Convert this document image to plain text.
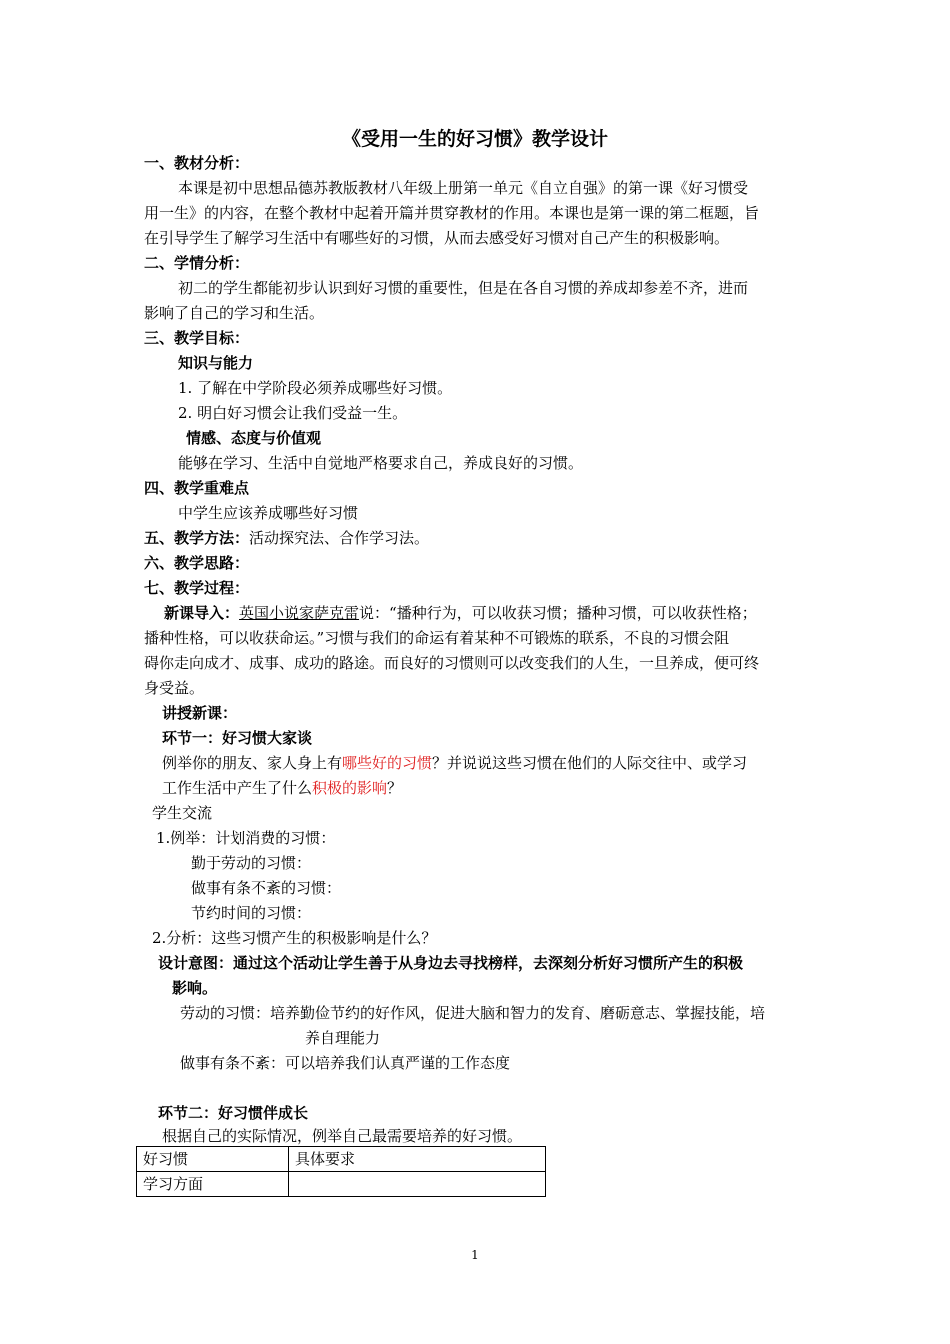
《受用一生的好习惯》教学设计
一、教材分析：
本课是初中思想品德苏教版教材八年级上册第一单元《自立自强》的第一课《好习惯受
用一生》的内容，在整个教材中起着开篇并贯穿教材的作用。本课也是第一课的第二框题，旨
在引导学生了解学习生活中有哪些好的习惯，从而去感受好习惯对自己产生的积极影响。
二、学情分析：
初二的学生都能初步认识到好习惯的重要性，但是在各自习惯的养成却参差不齐，进而
影响了自己的学习和生活。
三、教学目标：
知识与能力
1. 了解在中学阶段必须养成哪些好习惯。
2. 明白好习惯会让我们受益一生。
情感、态度与价值观
能够在学习、生活中自觉地严格要求自己，养成良好的习惯。
四、教学重难点
中学生应该养成哪些好习惯
五、教学方法：活动探究法、合作学习法。
六、教学思路：
七、教学过程：
新课导入：英国小说家萨克雷说：“播种行为，可以收获习惯；播种习惯，可以收获性格；
播种性格，可以收获命运。”习惯与我们的命运有着某种不可锻炼的联系，不良的习惯会阻
碍你走向成才、成事、成功的路途。而良好的习惯则可以改变我们的人生，一旦养成，便可终
身受益。
讲授新课：
环节一：好习惯大家谈
例举你的朋友、家人身上有哪些好的习惯？并说说这些习惯在他们的人际交往中、或学习
工作生活中产生了什么积极的影响？
学生交流
1.例举：计划消费的习惯：
勤于劳动的习惯：
做事有条不紊的习惯：
节约时间的习惯：
2.分析：这些习惯产生的积极影响是什么？
设计意图：通过这个活动让学生善于从身边去寻找榜样，去深刻分析好习惯所产生的积极
影响。
劳动的习惯：培养勤俭节约的好作风，促进大脑和智力的发育、磨砺意志、掌握技能，培
养自理能力
做事有条不紊：可以培养我们认真严谨的工作态度
环节二：好习惯伴成长
根据自己的实际情况，例举自己最需要培养的好习惯。
好习惯	具体要求
学习方面	
1
